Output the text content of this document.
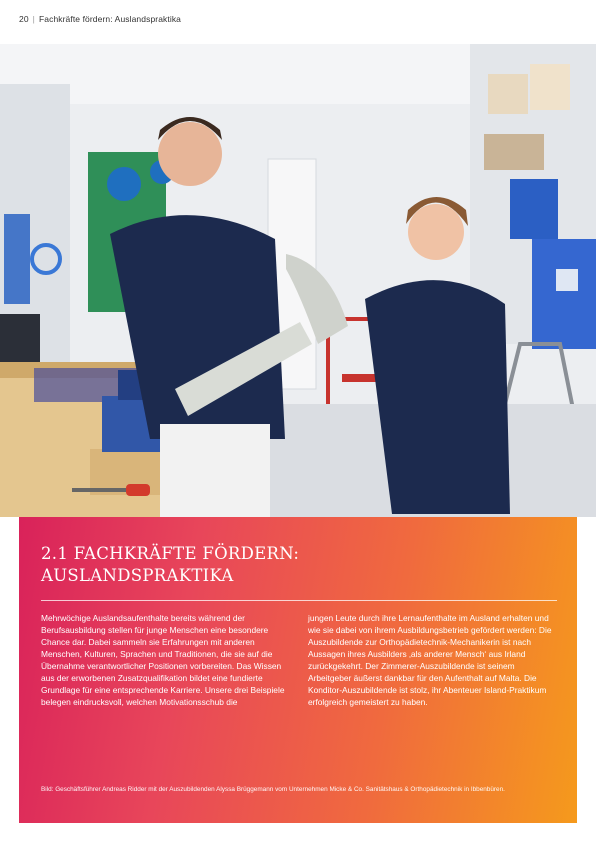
20 | Fachkräfte fördern: Auslandspraktika
2.1 FACHKRÄFTE FÖRDERN:
AUSLANDSPRAKTIKA

Mehrwöchige Auslandsaufenthalte bereits während der Berufsausbildung stellen für junge Menschen eine besondere Chance dar. Dabei sammeln sie Erfahrungen mit anderen Menschen, Kulturen, Sprachen und Traditionen, die sie auf die Übernahme verantwortlicher Positionen vorbereiten. Das Wissen aus der erworbenen Zusatzqualifikation bildet eine fundierte Grundlage für eine entsprechende Karriere. Unsere drei Beispiele belegen eindrucksvoll, welchen Motivationsschub die

jungen Leute durch ihre Lernaufenthalte im Ausland erhalten und wie sie dabei von ihrem Ausbildungsbetrieb gefördert werden: Die Auszubildende zur Orthopädietechnik-Mechanikerin ist nach Aussagen ihres Ausbilders ‚als anderer Mensch‘ aus Irland zurückgekehrt. Der Zimmerer-Auszubildende ist seinem Arbeitgeber äußerst dankbar für den Aufenthalt auf Malta. Die Konditor-Auszubildende ist stolz, ihr Abenteuer Island-Praktikum erfolgreich gemeistert zu haben.

Bild: Geschäftsführer Andreas Ridder mit der Auszubildenden Alyssa Brüggemann vom Unternehmen Micke & Co. Sanitätshaus & Orthopädietechnik in Ibbenbüren.
